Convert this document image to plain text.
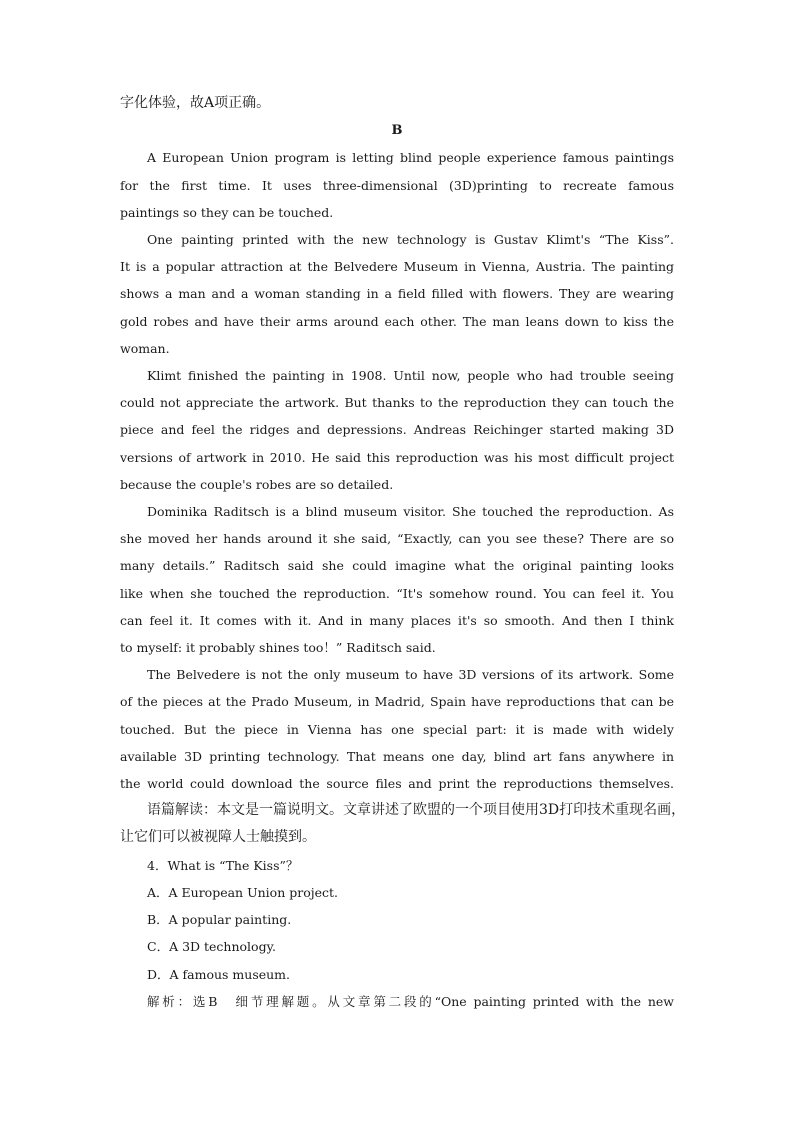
字化体验，故A项正确。
B
A European Union program is letting blind people experience famous paintings
for the first time. It uses three-dimensional (3D)printing to recreate famous
paintings so they can be touched.
One painting printed with the new technology is Gustav Klimt's “The Kiss”.
It is a popular attraction at the Belvedere Museum in Vienna, Austria. The painting
shows a man and a woman standing in a field filled with flowers. They are wearing
gold robes and have their arms around each other. The man leans down to kiss the
woman.
Klimt finished the painting in 1908. Until now, people who had trouble seeing
could not appreciate the artwork. But thanks to the reproduction they can touch the
piece and feel the ridges and depressions. Andreas Reichinger started making 3D
versions of artwork in 2010. He said this reproduction was his most difficult project
because the couple's robes are so detailed.
Dominika Raditsch is a blind museum visitor. She touched the reproduction. As
she moved her hands around it she said, “Exactly, can you see these? There are so
many details.” Raditsch said she could imagine what the original painting looks
like when she touched the reproduction. “It's somehow round. You can feel it. You
can feel it. It comes with it. And in many places it's so smooth. And then I think
to myself: it probably shines too！” Raditsch said.
The Belvedere is not the only museum to have 3D versions of its artwork. Some
of the pieces at the Prado Museum, in Madrid, Spain have reproductions that can be
touched. But the piece in Vienna has one special part: it is made with widely
available 3D printing technology. That means one day, blind art fans anywhere in
the world could download the source files and print the reproductions themselves.
语篇解读：本文是一篇说明文。文章讲述了欧盟的一个项目使用3D打印技术重现名画，
让它们可以被视障人士触摸到。
4．What is “The Kiss”？
A．A European Union project.
B．A popular painting.
C．A 3D technology.
D．A famous museum.
解析：选B　细节理解题。从文章第二段的“One painting printed with the new
